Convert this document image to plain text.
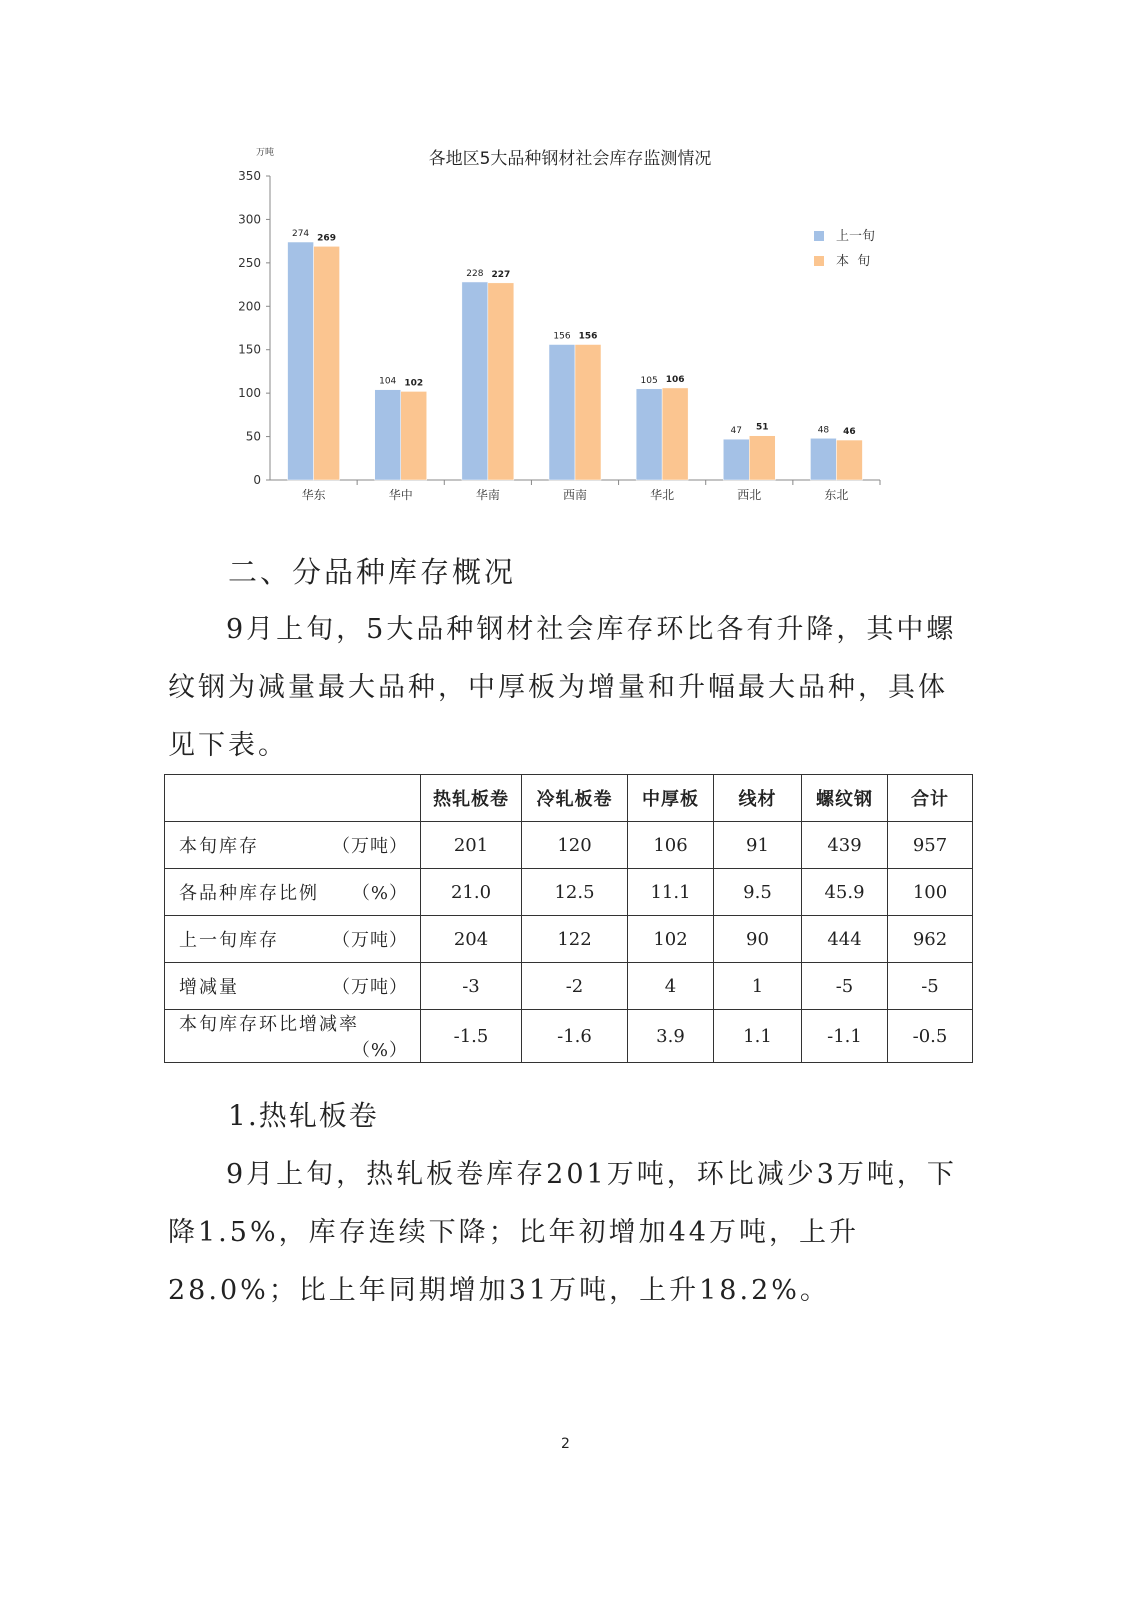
各地区5大品种钢材社会库存监测情况
万吨
0
50
100
150
200
250
300
350
274 269
华东
104 102
华中
228 227
华南
156 156
西南
105 106
华北
47 51
西北
48 46
东北
上一旬
本  旬
二、分品种库存概况

9月上旬，5大品种钢材社会库存环比各有升降，其中螺纹钢为减量最大品种，中厚板为增量和升幅最大品种，具体见下表。

	热轧板卷	冷轧板卷	中厚板	线材	螺纹钢	合计
本旬库存 （万吨）	201	120	106	91	439	957
各品种库存比例 （%）	21.0	12.5	11.1	9.5	45.9	100
上一旬库存 （万吨）	204	122	102	90	444	962
增减量 （万吨）	-3	-2	4	1	-5	-5
本旬库存环比增减率
（%）	-1.5	-1.6	3.9	1.1	-1.1	-0.5
1.热轧板卷

9月上旬，热轧板卷库存201万吨，环比减少3万吨，下降1.5%，库存连续下降；比年初增加44万吨，上升28.0%；比上年同期增加31万吨，上升18.2%。

2
